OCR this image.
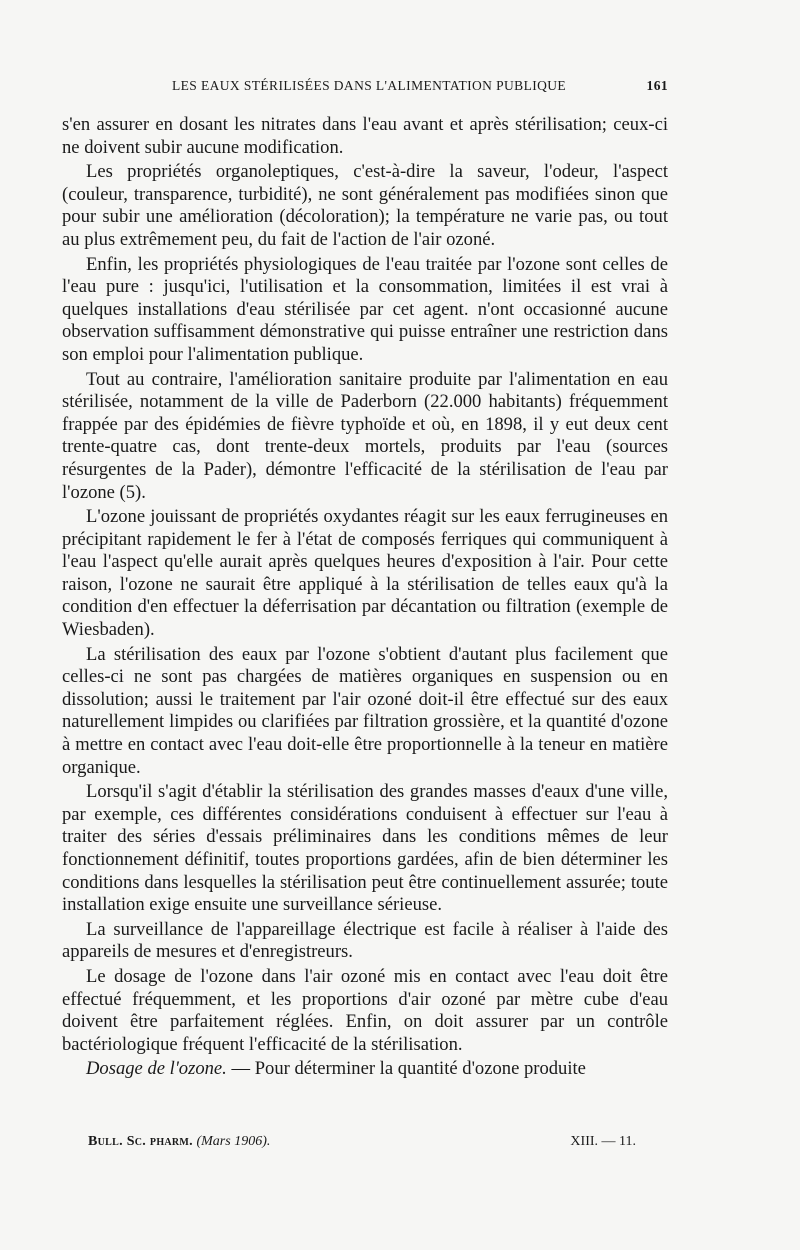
LES EAUX STÉRILISÉES DANS L'ALIMENTATION PUBLIQUE	161

s'en assurer en dosant les nitrates dans l'eau avant et après stérilisation; ceux-ci ne doivent subir aucune modification.

Les propriétés organoleptiques, c'est-à-dire la saveur, l'odeur, l'aspect (couleur, transparence, turbidité), ne sont généralement pas modifiées sinon que pour subir une amélioration (décoloration); la température ne varie pas, ou tout au plus extrêmement peu, du fait de l'action de l'air ozoné.

Enfin, les propriétés physiologiques de l'eau traitée par l'ozone sont celles de l'eau pure : jusqu'ici, l'utilisation et la consommation, limitées il est vrai à quelques installations d'eau stérilisée par cet agent. n'ont occasionné aucune observation suffisamment démonstrative qui puisse entraîner une restriction dans son emploi pour l'alimentation publique.

Tout au contraire, l'amélioration sanitaire produite par l'alimentation en eau stérilisée, notamment de la ville de Paderborn (22.000 habitants) fréquemment frappée par des épidémies de fièvre typhoïde et où, en 1898, il y eut deux cent trente-quatre cas, dont trente-deux mortels, produits par l'eau (sources résurgentes de la Pader), démontre l'efficacité de la stérilisation de l'eau par l'ozone (5).

L'ozone jouissant de propriétés oxydantes réagit sur les eaux ferrugineuses en précipitant rapidement le fer à l'état de composés ferriques qui communiquent à l'eau l'aspect qu'elle aurait après quelques heures d'exposition à l'air. Pour cette raison, l'ozone ne saurait être appliqué à la stérilisation de telles eaux qu'à la condition d'en effectuer la déferrisation par décantation ou filtration (exemple de Wiesbaden).

La stérilisation des eaux par l'ozone s'obtient d'autant plus facilement que celles-ci ne sont pas chargées de matières organiques en suspension ou en dissolution; aussi le traitement par l'air ozoné doit-il être effectué sur des eaux naturellement limpides ou clarifiées par filtration grossière, et la quantité d'ozone à mettre en contact avec l'eau doit-elle être proportionnelle à la teneur en matière organique.

Lorsqu'il s'agit d'établir la stérilisation des grandes masses d'eaux d'une ville, par exemple, ces différentes considérations conduisent à effectuer sur l'eau à traiter des séries d'essais préliminaires dans les conditions mêmes de leur fonctionnement définitif, toutes proportions gardées, afin de bien déterminer les conditions dans lesquelles la stérilisation peut être continuellement assurée; toute installation exige ensuite une surveillance sérieuse.

La surveillance de l'appareillage électrique est facile à réaliser à l'aide des appareils de mesures et d'enregistreurs.

Le dosage de l'ozone dans l'air ozoné mis en contact avec l'eau doit être effectué fréquemment, et les proportions d'air ozoné par mètre cube d'eau doivent être parfaitement réglées. Enfin, on doit assurer par un contrôle bactériologique fréquent l'efficacité de la stérilisation.

Dosage de l'ozone. — Pour déterminer la quantité d'ozone produite

Bull. Sc. pharm. (Mars 1906).	XIII. — 11.
